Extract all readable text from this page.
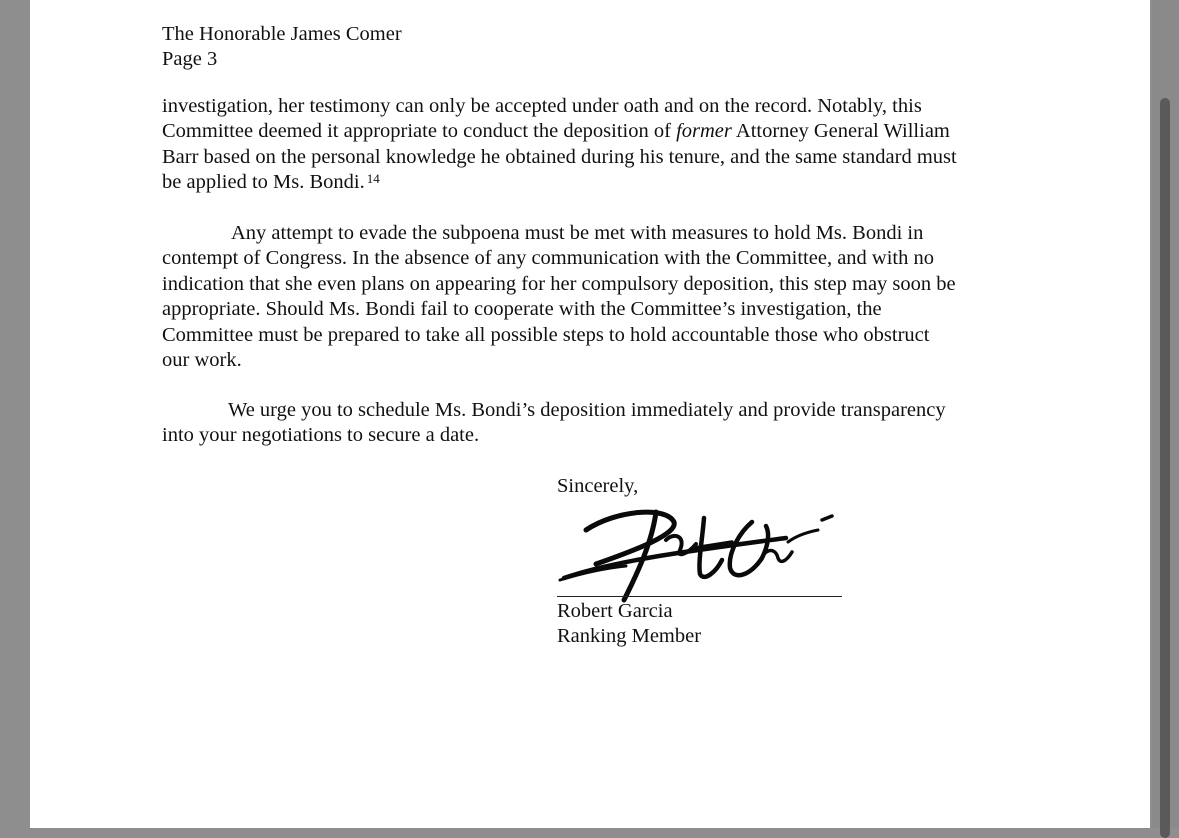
The Honorable James Comer
Page 3
investigation, her testimony can only be accepted under oath and on the record. Notably, this
Committee deemed it appropriate to conduct the deposition of former Attorney General William
Barr based on the personal knowledge he obtained during his tenure, and the same standard must
be applied to Ms. Bondi. $^{14}$
Any attempt to evade the subpoena must be met with measures to hold Ms. Bondi in
contempt of Congress. In the absence of any communication with the Committee, and with no
indication that she even plans on appearing for her compulsory deposition, this step may soon be
appropriate. Should Ms. Bondi fail to cooperate with the Committee’s investigation, the
Committee must be prepared to take all possible steps to hold accountable those who obstruct
our work.
We urge you to schedule Ms. Bondi’s deposition immediately and provide transparency
into your negotiations to secure a date.
Sincerely,
Robert Garcia
Ranking Member
